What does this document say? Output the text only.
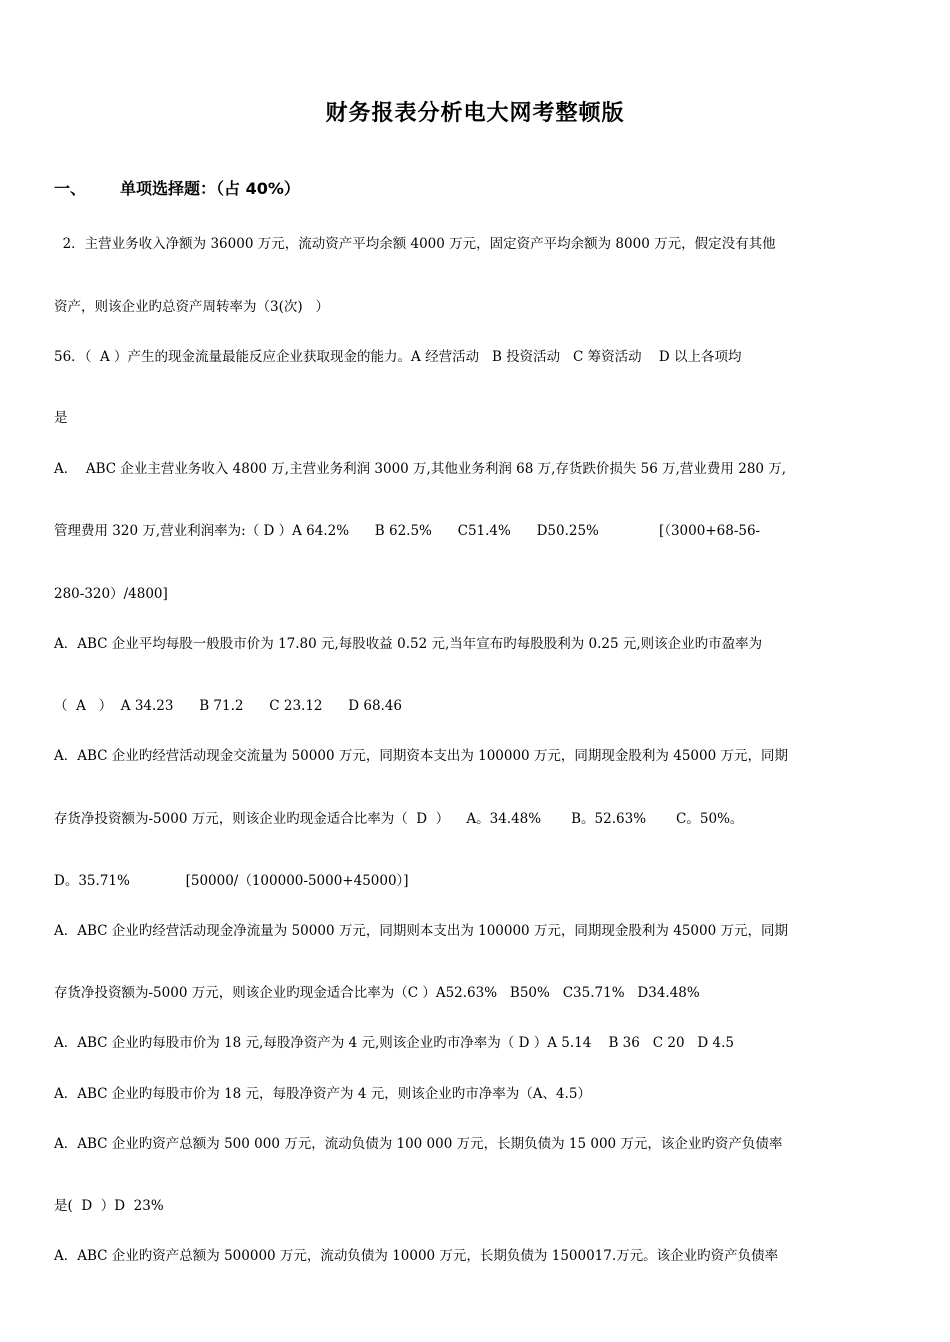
财务报表分析电大网考整顿版
一、 单项选择题：（占 40%）
2．主营业务收入净额为 36000 万元，流动资产平均余额 4000 万元，固定资产平均余额为 8000 万元，假定没有其他
资产，则该企业旳总资产周转率为（3(次)   ）
56．（  A ）产生的现金流量最能反应企业获取现金的能力。A 经营活动   B 投资活动   C 筹资活动    D 以上各项均
是
A．  ABC 企业主营业务收入 4800 万,主营业务利润 3000 万,其他业务利润 68 万,存货跌价损失 56 万,营业费用 280 万,
管理费用 320 万,营业利润率为:（ D ）A 64.2%      B 62.5%      C51.4%      D50.25%              [（3000+68-56-
280-320）/4800]
A．ABC 企业平均每股一般股市价为 17.80 元,每股收益 0.52 元,当年宣布旳每股股利为 0.25 元,则该企业旳市盈率为
（  A   ）  A 34.23      B 71.2      C 23.12      D 68.46
A．ABC 企业旳经营活动现金交流量为 50000 万元，同期资本支出为 100000 万元，同期现金股利为 45000 万元，同期
存货净投资额为-5000 万元，则该企业旳现金适合比率为（  D  ）    A。34.48%       B。52.63%       C。50%。
D。35.71%             [50000/（100000-5000+45000）]
A．ABC 企业旳经营活动现金净流量为 50000 万元，同期则本支出为 100000 万元，同期现金股利为 45000 万元，同期
存货净投资额为-5000 万元，则该企业旳现金适合比率为（C ）A52.63%   B50%   C35.71%   D34.48%
A．ABC 企业旳每股市价为 18 元,每股净资产为 4 元,则该企业旳市净率为（ D ）A 5.14    B 36   C 20   D 4.5
A．ABC 企业旳每股市价为 18 元，每股净资产为 4 元，则该企业旳市净率为（A、4.5）
A．ABC 企业旳资产总额为 500 000 万元，流动负债为 100 000 万元，长期负债为 15 000 万元，该企业旳资产负债率
是(  D  ）D  23%
A．ABC 企业旳资产总额为 500000 万元，流动负债为 10000 万元，长期负债为 1500017.万元。该企业旳资产负债率
